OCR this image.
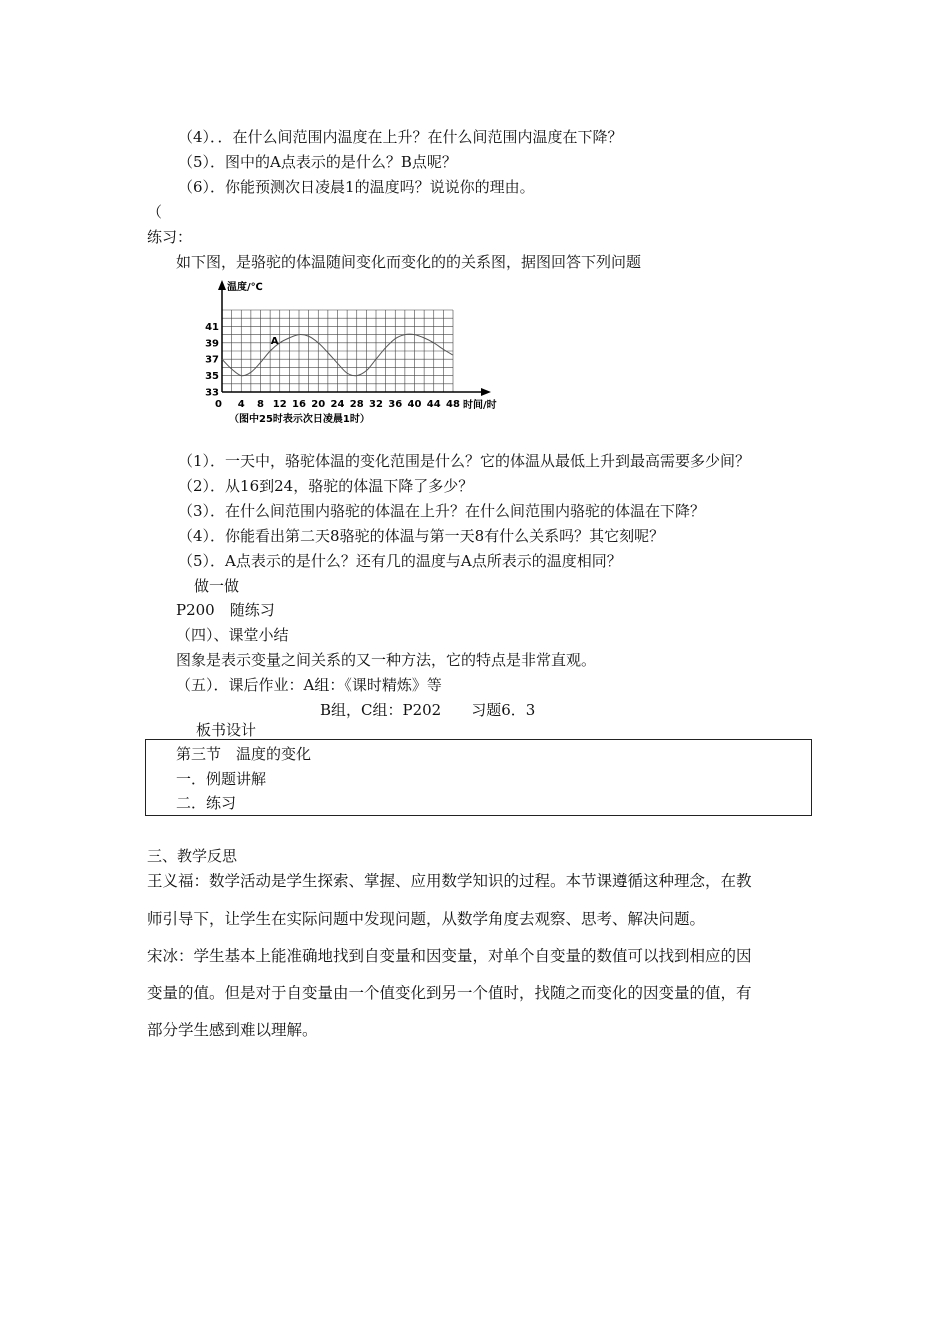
（4）．．在什么间范围内温度在上升？在什么间范围内温度在下降？

（5）．图中的A点表示的是什么？B点呢？

（6）．你能预测次日凌晨1的温度吗？说说你的理由。

（

练习：

如下图，是骆驼的体温随间变化而变化的的关系图，据图回答下列问题

33
35
37
39
41
4 8 12 16 20 24 28 32 36 40 44 48
温度/℃
时间/时
0
A
（图中25时表示次日凌晨1时）

（1）．一天中，骆驼体温的变化范围是什么？它的体温从最低上升到最高需要多少间？

（2）．从16到24，骆驼的体温下降了多少？

（3）．在什么间范围内骆驼的体温在上升？在什么间范围内骆驼的体温在下降？

（4）．你能看出第二天8骆驼的体温与第一天8有什么关系吗？其它刻呢？

（5）．A点表示的是什么？还有几的温度与A点所表示的温度相同？

做一做

P200　随练习

（四）、课堂小结

图象是表示变量之间关系的又一种方法，它的特点是非常直观。

（五）．课后作业：A组：《课时精炼》等

B组，C组：P202　　习题6．3

板书设计

第三节　温度的变化

一．例题讲解

二．练习

三、教学反思

王义福：数学活动是学生探索、掌握、应用数学知识的过程。本节课遵循这种理念，在教

师引导下，让学生在实际问题中发现问题，从数学角度去观察、思考、解决问题。

宋冰：学生基本上能准确地找到自变量和因变量，对单个自变量的数值可以找到相应的因

变量的值。但是对于自变量由一个值变化到另一个值时，找随之而变化的因变量的值，有

部分学生感到难以理解。
